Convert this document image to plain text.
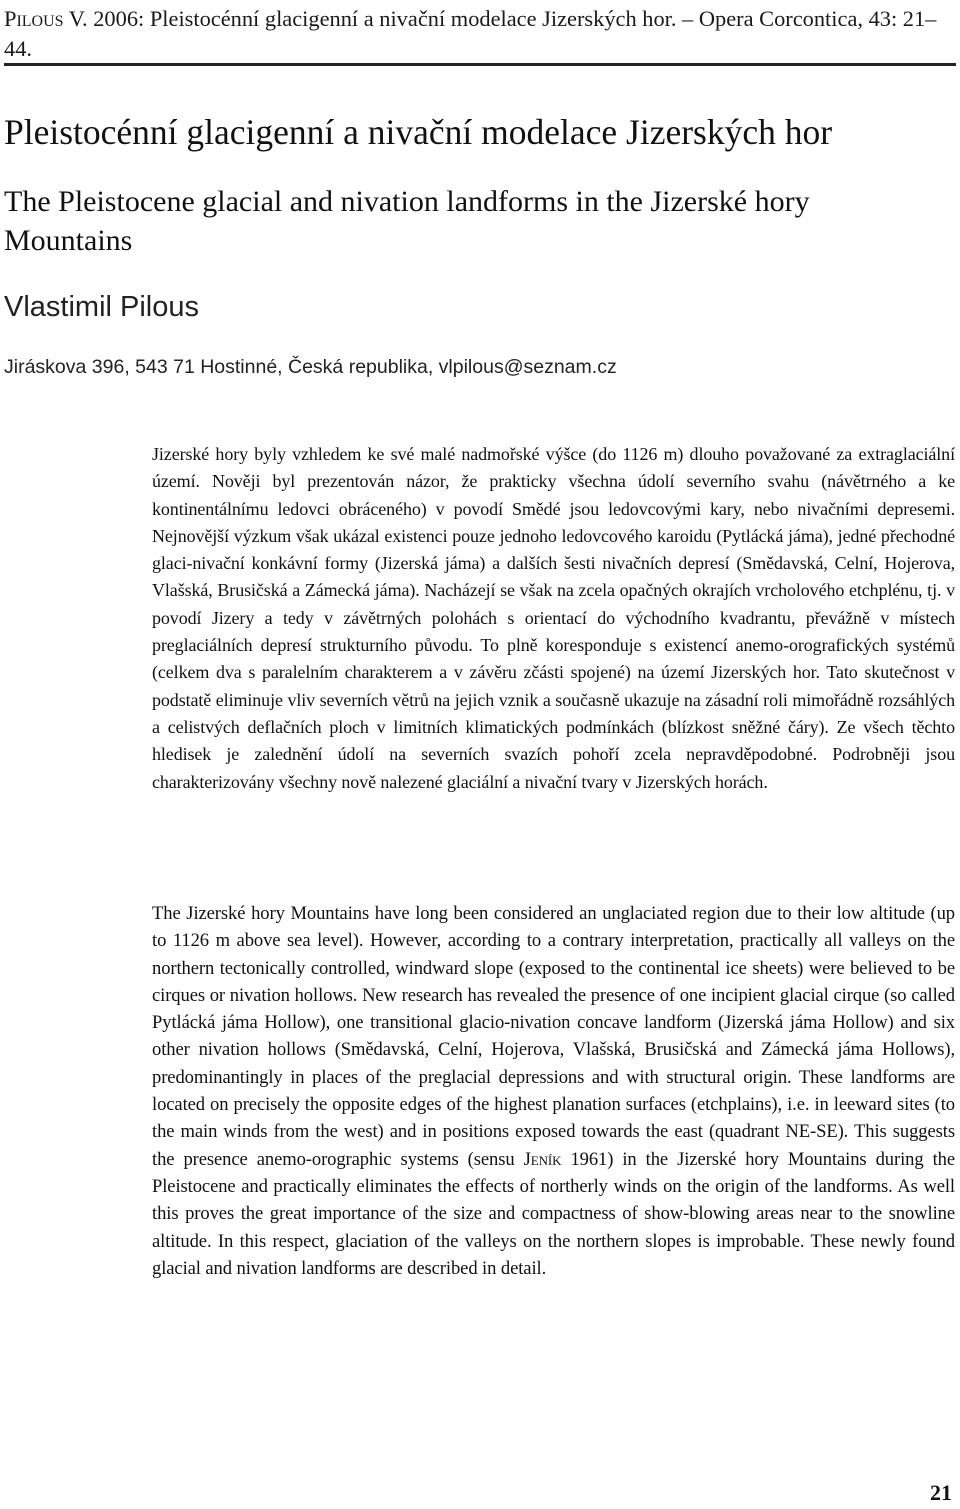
Pilous V. 2006: Pleistocénní glacigenní a nivační modelace Jizerských hor. – Opera Corcontica, 43: 21–44.
Pleistocénní glacigenní a nivační modelace Jizerských hor
The Pleistocene glacial and nivation landforms in the Jizerské hory Mountains
Vlastimil Pilous
Jiráskova 396, 543 71 Hostinné, Česká republika, vlpilous@seznam.cz
Jizerské hory byly vzhledem ke své malé nadmořské výšce (do 1126 m) dlouho považované za extraglaciální území. Nověji byl prezentován názor, že prakticky všechna údolí severního svahu (návětrného a ke kontinentálnímu ledovci obráceného) v povodí Smědé jsou ledovcovými kary, nebo nivačními depresemi. Nejnovější výzkum však ukázal existenci pouze jednoho ledovcového karoidu (Pytlácká jáma), jedné přechodné glaci-nivační konkávní formy (Jizerská jáma) a dalších šesti nivačních depresí (Smědavská, Celní, Hojerova, Vlašská, Brusičská a Zámecká jáma). Nacházejí se však na zcela opačných okrajích vrcholového etchplénu, tj. v povodí Jizery a tedy v závětrných polohách s orientací do východního kvadrantu, převážně v místech preglaciálních depresí strukturního původu. To plně koresponduje s existencí anemo-orografických systémů (celkem dva s paralelním charakterem a v závěru zčásti spojené) na území Jizerských hor. Tato skutečnost v podstatě eliminuje vliv severních větrů na jejich vznik a současně ukazuje na zásadní roli mimořádně rozsáhlých a celistvých deflačních ploch v limitních klimatických podmínkách (blízkost sněžné čáry). Ze všech těchto hledisek je zalednění údolí na severních svazích pohoří zcela nepravděpodobné. Podrobněji jsou charakterizovány všechny nově nalezené glaciální a nivační tvary v Jizerských horách.
The Jizerské hory Mountains have long been considered an unglaciated region due to their low altitude (up to 1126 m above sea level). However, according to a contrary interpretation, practically all valleys on the northern tectonically controlled, windward slope (exposed to the continental ice sheets) were believed to be cirques or nivation hollows. New research has revealed the presence of one incipient glacial cirque (so called Pytlácká jáma Hollow), one transitional glacio-nivation concave landform (Jizerská jáma Hollow) and six other nivation hollows (Smědavská, Celní, Hojerova, Vlašská, Brusičská and Zámecká jáma Hollows), predominantingly in places of the preglacial depressions and with structural origin. These landforms are located on precisely the opposite edges of the highest planation surfaces (etchplains), i.e. in leeward sites (to the main winds from the west) and in positions exposed towards the east (quadrant NE-SE). This suggests the presence anemo-orographic systems (sensu Jeník 1961) in the Jizerské hory Mountains during the Pleistocene and practically eliminates the effects of northerly winds on the origin of the landforms. As well this proves the great importance of the size and compactness of show-blowing areas near to the snowline altitude. In this respect, glaciation of the valleys on the northern slopes is improbable. These newly found glacial and nivation landforms are described in detail.
21
